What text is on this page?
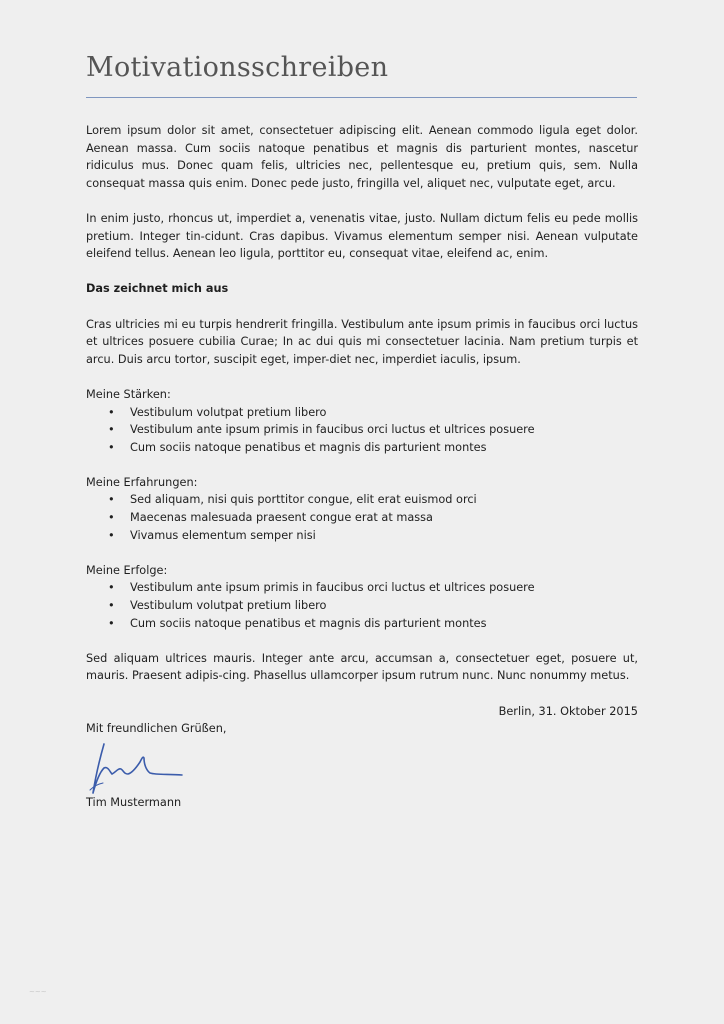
Motivationsschreiben

Lorem ipsum dolor sit amet, consectetuer adipiscing elit. Aenean commodo ligula eget dolor. Aenean massa. Cum sociis natoque penatibus et magnis dis parturient montes, nascetur ridiculus mus. Donec quam felis, ultricies nec, pellentesque eu, pretium quis, sem. Nulla consequat massa quis enim. Donec pede justo, fringilla vel, aliquet nec, vulputate eget, arcu.

In enim justo, rhoncus ut, imperdiet a, venenatis vitae, justo. Nullam dictum felis eu pede mollis pretium. Integer tin-cidunt. Cras dapibus. Vivamus elementum semper nisi. Aenean vulputate eleifend tellus. Aenean leo ligula, porttitor eu, consequat vitae, eleifend ac, enim.

Das zeichnet mich aus

Cras ultricies mi eu turpis hendrerit fringilla. Vestibulum ante ipsum primis in faucibus orci luctus et ultrices posuere cubilia Curae; In ac dui quis mi consectetuer lacinia. Nam pretium turpis et arcu. Duis arcu tortor, suscipit eget, imper-diet nec, imperdiet iaculis, ipsum.

Meine Stärken:

• Vestibulum volutpat pretium libero
• Vestibulum ante ipsum primis in faucibus orci luctus et ultrices posuere
• Cum sociis natoque penatibus et magnis dis parturient montes

Meine Erfahrungen:

• Sed aliquam, nisi quis porttitor congue, elit erat euismod orci
• Maecenas malesuada praesent congue erat at massa
• Vivamus elementum semper nisi

Meine Erfolge:

• Vestibulum ante ipsum primis in faucibus orci luctus et ultrices posuere
• Vestibulum volutpat pretium libero
• Cum sociis natoque penatibus et magnis dis parturient montes

Sed aliquam ultrices mauris. Integer ante arcu, accumsan a, consectetuer eget, posuere ut, mauris. Praesent adipis-cing. Phasellus ullamcorper ipsum rutrum nunc. Nunc nonummy metus.

Berlin, 31. Oktober 2015

Mit freundlichen Grüßen,

Tim Mustermann
~~~
